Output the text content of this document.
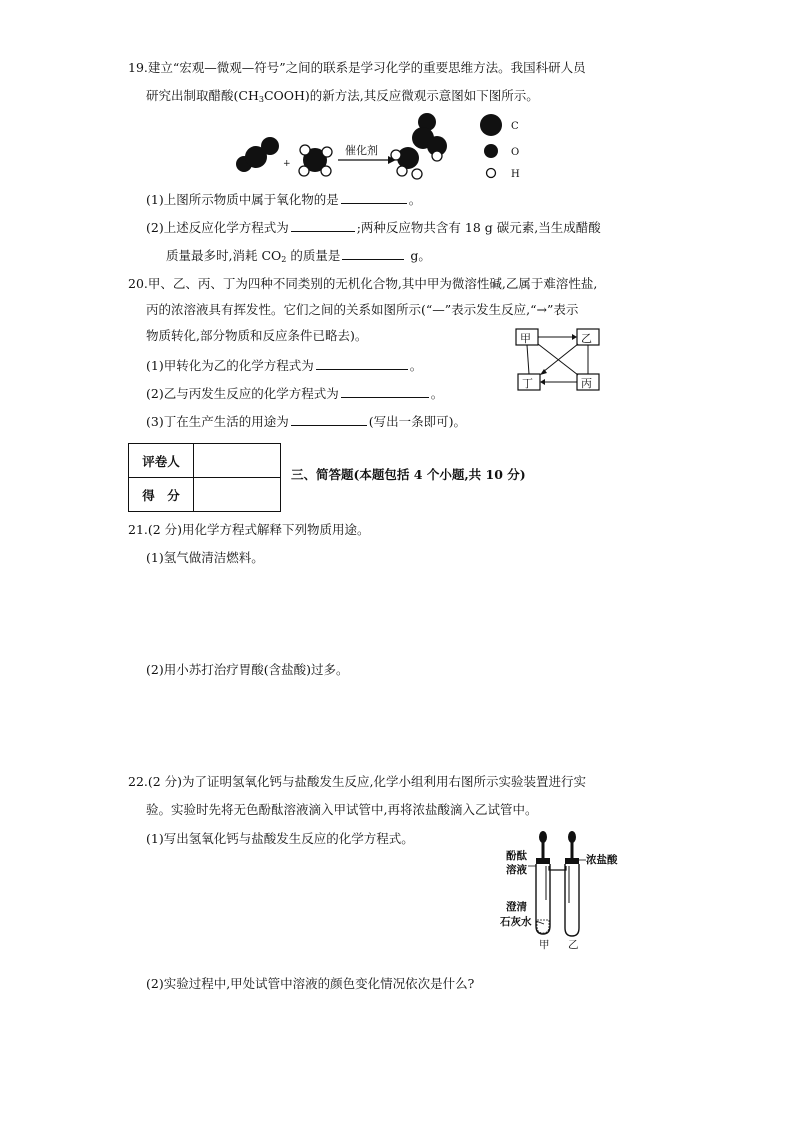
19.建立“宏观—微观—符号”之间的联系是学习化学的重要思维方法。我国科研人员
研究出制取醋酸$(CH_3COOH)$的新方法,其反应微观示意图如下图所示。
+
催化剂
C
O
H
(1)上图所示物质中属于氧化物的是	。
(2)上述反应化学方程式为	;两种反应物共含有 18 g 碳元素,当生成醋酸
质量最多时,消耗 $CO_2$ 的质量是	g。
20.甲、乙、丙、丁为四种不同类别的无机化合物,其中甲为微溶性碱,乙属于难溶性盐,
丙的浓溶液具有挥发性。它们之间的关系如图所示(“—”表示发生反应,“→”表示
物质转化,部分物质和反应条件已略去)。
(1)甲转化为乙的化学方程式为	。
(2)乙与丙发生反应的化学方程式为	。
(3)丁在生产生活的用途为	(写出一条即可)。
甲	乙
丁	丙
评卷人	
得　分	
三、简答题(本题包括 4 个小题,共 10 分)
21.(2 分)用化学方程式解释下列物质用途。
(1)氢气做清洁燃料。
(2)用小苏打治疗胃酸(含盐酸)过多。
22.(2 分)为了证明氢氧化钙与盐酸发生反应,化学小组利用右图所示实验装置进行实
验。实验时先将无色酚酞溶液滴入甲试管中,再将浓盐酸滴入乙试管中。
(1)写出氢氧化钙与盐酸发生反应的化学方程式。
酚酞
溶液
澄清
石灰水
浓盐酸
甲 乙
(2)实验过程中,甲处试管中溶液的颜色变化情况依次是什么?
